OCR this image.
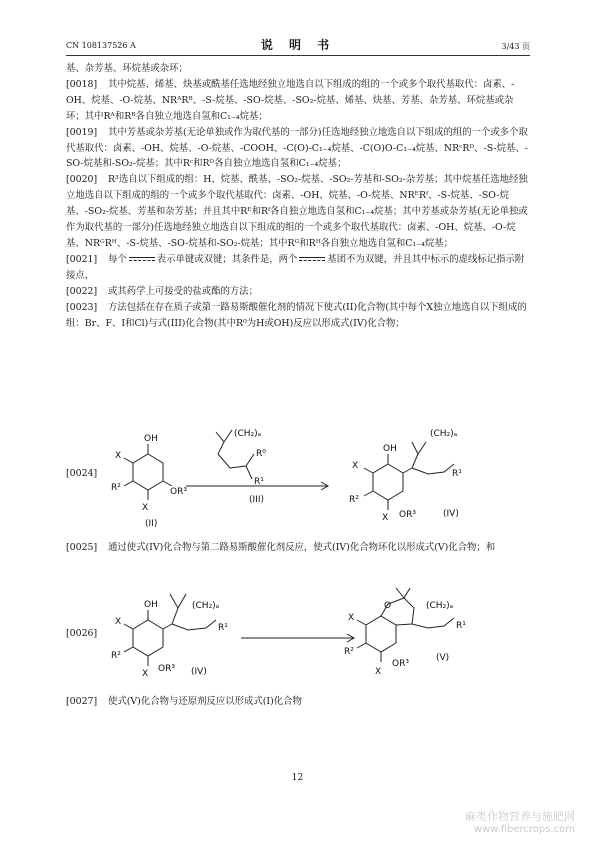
CN 108137526 A	说 明 书	3/43 页
基、杂芳基、环烷基或杂环；
[0018] 其中烷基、烯基、炔基或酰基任选地经独立地选自以下组成的组的一个或多个取代基取代：卤素、-OH、烷基、-O-烷基、NRᴬRᴮ、-S-烷基、-SO-烷基、-SO₂-烷基、烯基、炔基、芳基、杂芳基、环烷基或杂环；其中Rᴬ和Rᴮ各自独立地选自氢和C₁₋₄烷基；
[0019] 其中芳基或杂芳基(无论单独或作为取代基的一部分)任选地经独立地选自以下组成的组的一个或多个取代基取代：卤素、-OH、烷基、-O-烷基、-COOH、-C(O)-C₁₋₄烷基、-C(O)O-C₁₋₄烷基、NRᶜRᴰ、-S-烷基、-SO-烷基和-SO₂-烷基；其中Rᶜ和Rᴰ各自独立地选自氢和C₁₋₄烷基；
[0020] R³选自以下组成的组：H、烷基、酰基、-SO₂-烷基、-SO₂-芳基和-SO₂-杂芳基；其中烷基任选地经独立地选自以下组成的组的一个或多个取代基取代：卤素、-OH、烷基、-O-烷基、NRᴱRᶠ、-S-烷基、-SO-烷基、-SO₂-烷基、芳基和杂芳基；并且其中Rᴱ和Rᶠ各自独立地选自氢和C₁₋₄烷基；其中芳基或杂芳基(无论单独或作为取代基的一部分)任选地经独立地选自以下组成的组的一个或多个取代基取代：卤素、-OH、烷基、-O-烷基、NRᴳRᴴ、-S-烷基、-SO-烷基和-SO₂-烷基；其中Rᴳ和Rᴴ各自独立地选自氢和C₁₋₄烷基；
[0021] 每个	表示单键或双键；其条件是，两个	基团不为双键，并且其中标示的虚线标记指示附接点，
[0022] 或其药学上可接受的盐或酯的方法；
[0023] 方法包括在存在质子或第一路易斯酸催化剂的情况下使式(II)化合物(其中每个X独立地选自以下组成的组：Br、F、I和Cl)与式(III)化合物(其中R⁰为H或OH)反应以形成式(IV)化合物；
[0024]
OH
X
R²
X
OR³
(II)
(CH₂)ₐ
R⁰
R¹
(III)
OH
X
R²
X OR³
(CH₂)ₐ
R¹
(IV)
[0025] 通过使式(IV)化合物与第二路易斯酸催化剂反应，使式(IV)化合物环化以形成式(V)化合物；和
[0026]
OH
X
R²
X OR³
(CH₂)ₐ
R¹
(IV)
O
X
R²
X
OR³
(CH₂)ₐ
R¹
(V)
[0027] 使式(V)化合物与还原剂反应以形成式(I)化合物
12
麻类作物营养与施肥网
www.fibercrops.com
